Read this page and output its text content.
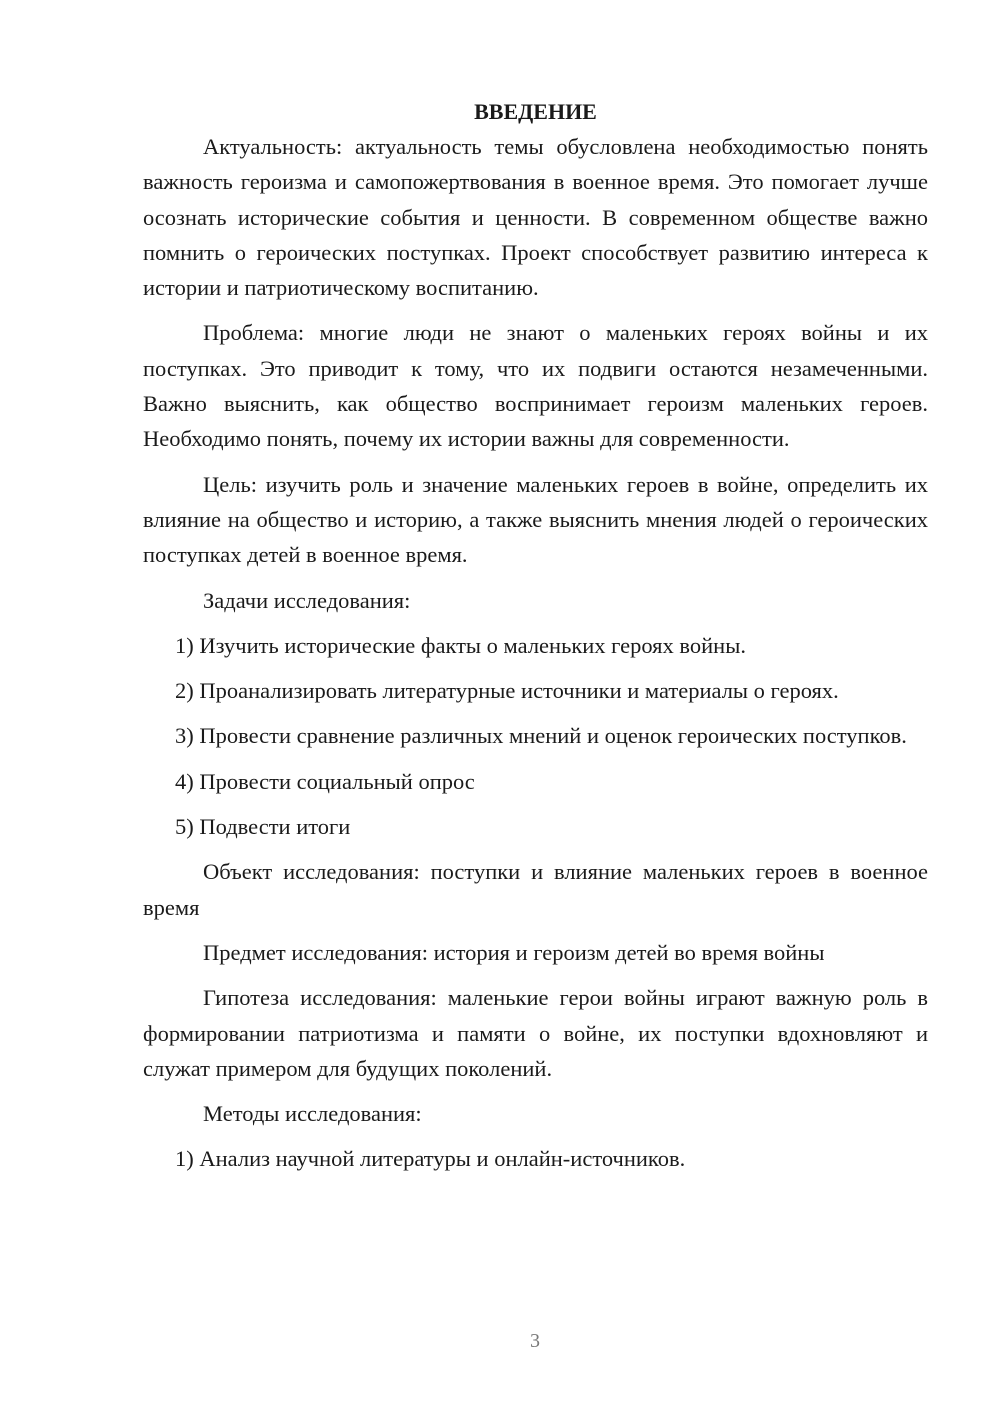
ВВЕДЕНИЕ

Актуальность: актуальность темы обусловлена необходимостью понять важность героизма и самопожертвования в военное время. Это помогает лучше осознать исторические события и ценности. В современном обществе важно помнить о героических поступках. Проект способствует развитию интереса к истории и патриотическому воспитанию.

Проблема: многие люди не знают о маленьких героях войны и их поступках. Это приводит к тому, что их подвиги остаются незамеченными. Важно выяснить, как общество воспринимает героизм маленьких героев. Необходимо понять, почему их истории важны для современности.

Цель: изучить роль и значение маленьких героев в войне, определить их влияние на общество и историю, а также выяснить мнения людей о героических поступках детей в военное время.

Задачи исследования:

1) Изучить исторические факты о маленьких героях войны.

2) Проанализировать литературные источники и материалы о героях.

3) Провести сравнение различных мнений и оценок героических поступков.

4) Провести социальный опрос

5) Подвести итоги

Объект исследования: поступки и влияние маленьких героев в военное время

Предмет исследования: история и героизм детей во время войны

Гипотеза исследования: маленькие герои войны играют важную роль в формировании патриотизма и памяти о войне, их поступки вдохновляют и служат примером для будущих поколений.

Методы исследования:

1) Анализ научной литературы и онлайн-источников.

3
